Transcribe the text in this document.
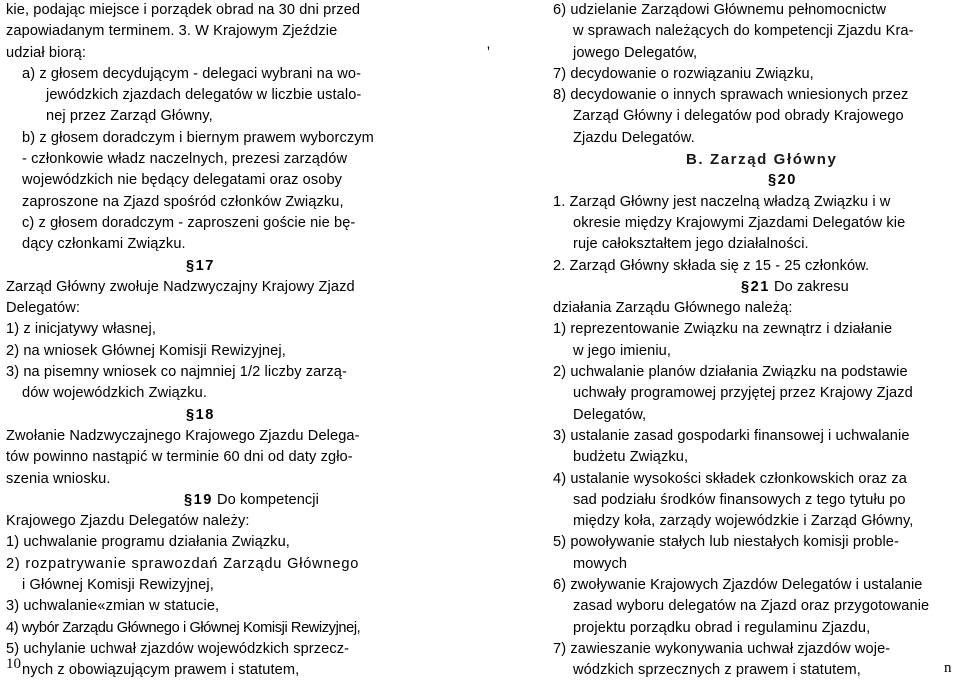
kie, podając miejsce i porządek obrad na 30 dni przed
zapowiadanym terminem. 3. W Krajowym Zjeździe
udział biorą:
a) z głosem decydującym - delegaci wybrani na wo-
jewódzkich zjazdach delegatów w liczbie ustalo-
nej przez Zarząd Główny,
b) z głosem doradczym i biernym prawem wyborczym
- członkowie władz naczelnych, prezesi zarządów
wojewódzkich nie będący delegatami oraz osoby
zaproszone na Zjazd spośród członków Związku,
c) z głosem doradczym - zaproszeni goście nie bę-
dący członkami Związku.
§17
Zarząd Główny zwołuje Nadzwyczajny Krajowy Zjazd
Delegatów:
1) z inicjatywy własnej,
2) na wniosek Głównej Komisji Rewizyjnej,
3) na pisemny wniosek co najmniej 1/2 liczby zarzą-
dów wojewódzkich Związku.
§18
Zwołanie Nadzwyczajnego Krajowego Zjazdu Delega-
tów powinno nastąpić w terminie 60 dni od daty zgło-
szenia wniosku.
§19 Do kompetencji
Krajowego Zjazdu Delegatów należy:
1) uchwalanie programu działania Związku,
2) rozpatrywanie sprawozdań Zarządu Głównego
i Głównej Komisji Rewizyjnej,
3) uchwalanie«zmian w statucie,
4) wybór Zarządu Głównego i Głównej Komisji Rewizyjnej,
5) uchylanie uchwał zjazdów wojewódzkich sprzecz-
nych z obowiązującym prawem i statutem,
6) udzielanie Zarządowi Głównemu pełnomocnictw
w sprawach należących do kompetencji Zjazdu Kra-
jowego Delegatów,
7) decydowanie o rozwiązaniu Związku,
8) decydowanie o innych sprawach wniesionych przez
Zarząd Główny i delegatów pod obrady Krajowego
Zjazdu Delegatów.
B. Zarząd Główny
§20
1. Zarząd Główny jest naczelną władzą Związku i w
okresie między Krajowymi Zjazdami Delegatów kie
ruje całokształtem jego działalności.
2. Zarząd Główny składa się z 15 - 25 członków.
§21 Do zakresu
działania Zarządu Głównego należą:
1) reprezentowanie Związku na zewnątrz i działanie
w jego imieniu,
2) uchwalanie planów działania Związku na podstawie
uchwały programowej przyjętej przez Krajowy Zjazd
Delegatów,
3) ustalanie zasad gospodarki finansowej i uchwalanie
budżetu Związku,
4) ustalanie wysokości składek członkowskich oraz za
sad podziału środków finansowych z tego tytułu po
między koła, zarządy wojewódzkie i Zarząd Główny,
5) powoływanie stałych lub niestałych komisji proble-
mowych
6) zwoływanie Krajowych Zjazdów Delegatów i ustalanie
zasad wyboru delegatów na Zjazd oraz przygotowanie
projektu porządku obrad i regulaminu Zjazdu,
7) zawieszanie wykonywania uchwał zjazdów woje-
wódzkich sprzecznych z prawem i statutem,
'
10	n
